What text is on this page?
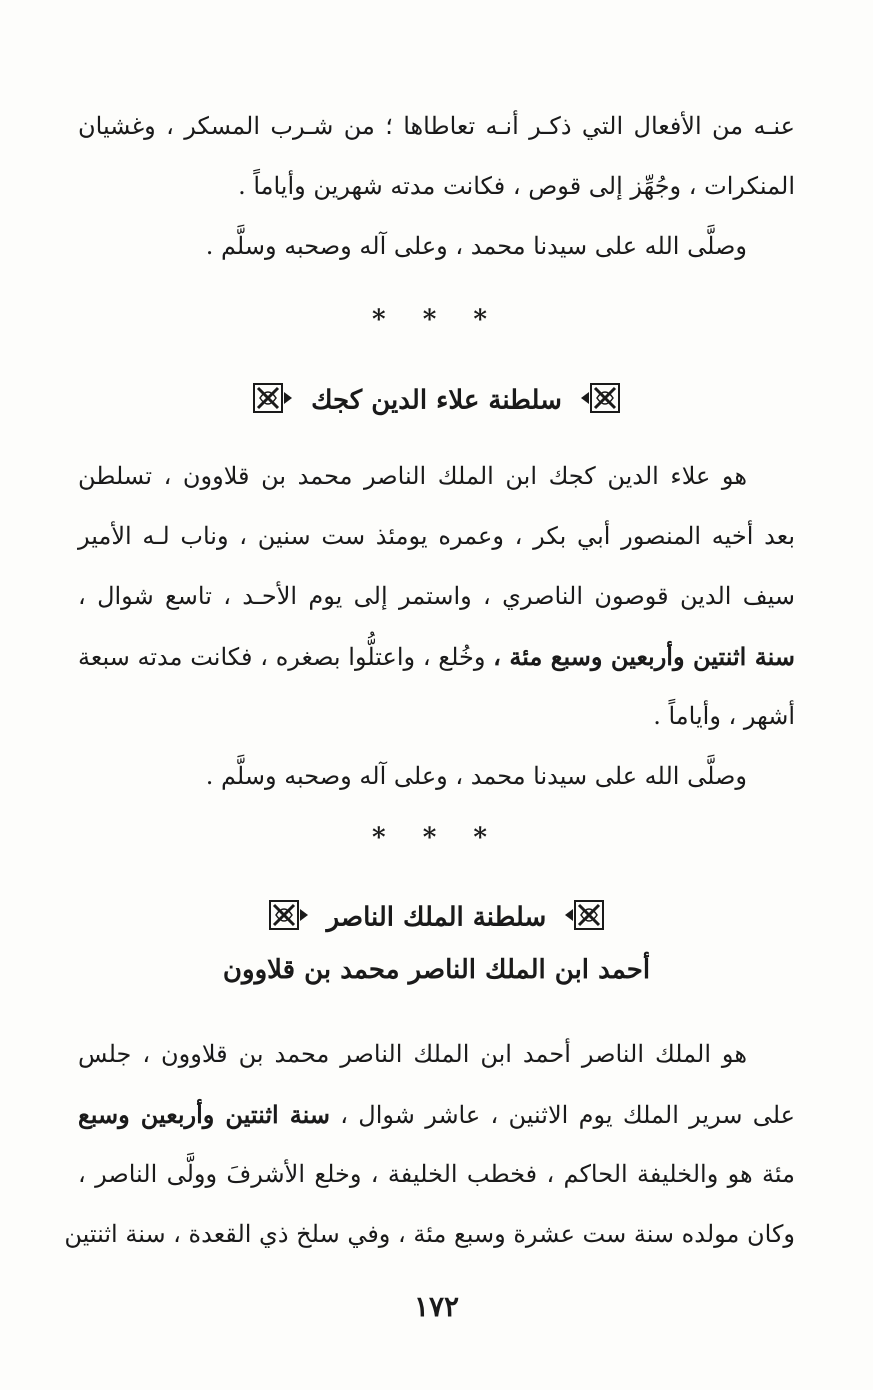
عنـه من الأفعال التي ذكـر أنـه تعاطاها ؛ من شـرب المسكر ، وغشيان
المنكرات ، وجُهِّز إلى قوص ، فكانت مدته شهرين وأياماً .
وصلَّى الله على سيدنا محمد ، وعلى آله وصحبه وسلَّم .
* * *
سلطنة علاء الدين كجك
هو علاء الدين كجك ابن الملك الناصر محمد بن قلاوون ، تسلطن
بعد أخيه المنصور أبي بكر ، وعمره يومئذ ست سنين ، وناب لـه الأمير
سيف الدين قوصون الناصري ، واستمر إلى يوم الأحـد ، تاسع شوال ،
سنة اثنتين وأربعين وسبع مئة ، وخُلع ، واعتلُّوا بصغره ، فكانت مدته سبعة
أشهر ، وأياماً .
وصلَّى الله على سيدنا محمد ، وعلى آله وصحبه وسلَّم .
* * *
سلطنة الملك الناصر
أحمد ابن الملك الناصر محمد بن قلاوون
هو الملك الناصر أحمد ابن الملك الناصر محمد بن قلاوون ، جلس
على سرير الملك يوم الاثنين ، عاشر شوال ، سنة اثنتين وأربعين وسبع
مئة هو والخليفة الحاكم ، فخطب الخليفة ، وخلع الأشرفَ وولَّى الناصر ،
وكان مولده سنة ست عشرة وسبع مئة ، وفي سلخ ذي القعدة ، سنة اثنتين
١٧٢
